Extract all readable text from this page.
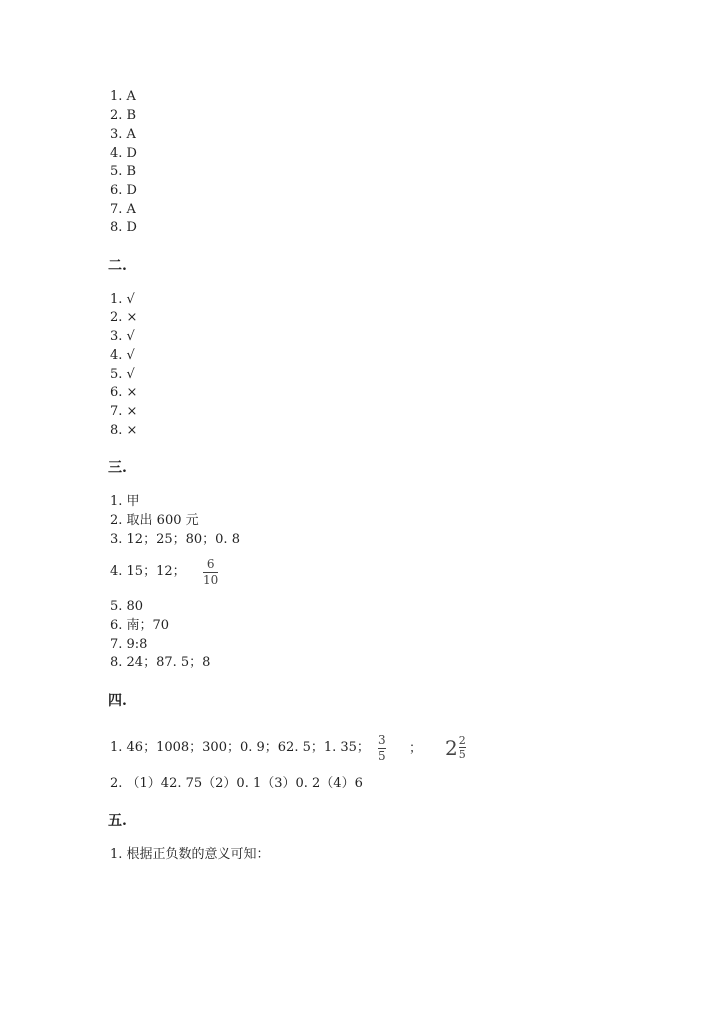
1. A
2. B
3. A
4. D
5. B
6. D
7. A
8. D
二.
1. √
2. ×
3. √
4. √
5. √
6. ×
7. ×
8. ×
三.
1. 甲
2. 取出 600 元
3. 12；25；80；0. 8
4. 15；12； 6
10
5. 80
6. 南；70
7. 9:8
8. 24；87. 5；8
四.
1. 46；1008；300；0. 9；62. 5；1. 35； 3
5 ； $2 \frac{2}{5}$
2. （1）42. 75（2）0. 1（3）0. 2（4）6
五.
1. 根据正负数的意义可知：
